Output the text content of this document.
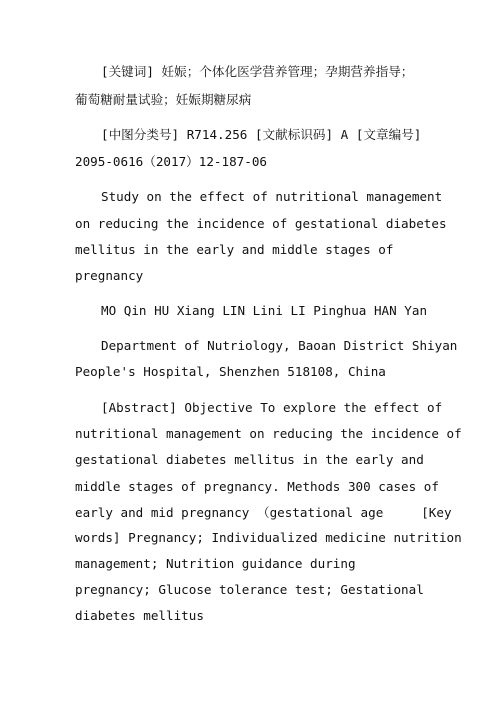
[关键词] 妊娠；个体化医学营养管理；孕期营养指导；
葡萄糖耐量试验；妊娠期糖尿病
[中图分类号] R714.256 [文献标识码] A [文章编号]
2095-0616（2017）12-187-06
Study on the effect of nutritional management
on reducing the incidence of gestational diabetes
mellitus in the early and middle stages of
pregnancy
MO Qin HU Xiang LIN Lini LI Pinghua HAN Yan
Department of Nutriology, Baoan District Shiyan
People's Hospital, Shenzhen 518108, China
[Abstract] Objective To explore the effect of
nutritional management on reducing the incidence of
gestational diabetes mellitus in the early and
middle stages of pregnancy. Methods 300 cases of
early and mid pregnancy （gestational age     [Key
words] Pregnancy; Individualized medicine nutrition
management; Nutrition guidance during
pregnancy; Glucose tolerance test; Gestational
diabetes mellitus
